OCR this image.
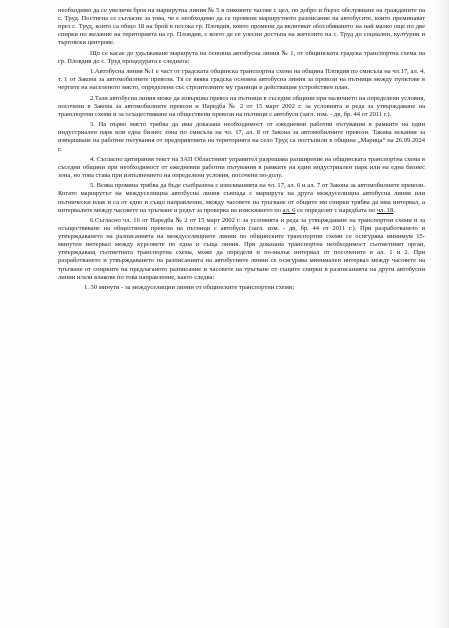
необходимо да се увеличи броя на маршрутна линия № 5 в пиковите часове с цел, по добро и бързо обслужване на гражданите на с. Труд. Постигна се съгласие за това, че е необходимо да се промени маршрутното разписание на автобусите, които преминават през с. Труд, които са общо 18 на брой в посока гр. Пловдив, които промени да включват обособяването на най малко още по две спирки по желание на територията на гр. Пловдив, с което де се улесни достъпа на жителите на с. Труд до социални, културни и търговски центрове.

Що се касае до удължаване маршрута на основна автобусна линия № 1, от общинската градска транспортна схема на гр. Пловдив до с. Труд процедурата е следната:

1.Автобусна линия №1 е част от градската общинска транспортна схема на община Пловдив по смисъла на чл.17, ал. 4, т. 1 от Закона за автомобилните превози. Тя се явява градска основна автобусна линия за превози на пътници между пунктове в чертите на населеното място, определени със строителните му граници в действащия устройствен план.

2.Тази автобусна линия може да извършва превоз на пътници в съседни общини при наличието на определени условия, посочени в Закона за автомобилните превози и Наредба № 2 от 15 март 2002 г. за условията и реда за утвърждаване на транспортни схеми и за осъществяване на обществени превози на пътници с автобуси (загл. изм. - дв, бр. 44 от 2011 г.).

3. На първо място трябва да има доказана необходимост от ежедневни работни пътувания в рамките на един индустриален парк или една бизнес зона по смисъла на чл. 17, ал. 8 от Закона за автомобилните превози. Такива искания за извършване на работни пътувания от предприятията на територията на село Труд са постъпили в община „Марица“ на 26.09.2024 г.

4. Съгласно цитирания текст на ЗАП Областният управител разрешава разширение на общинската транспортна схема в съседни общини при необходимост от ежедневни работни пътувания в рамките на един индустриален парк или на една бизнес зона, но това става при изпълнението на определени условия, посочени по-долу.

5. Всяка промяна трябва да бъде съобразена с изискванията на чл. 17, ал. 6 и ал. 7 от Закона за автомобилните превози. Когато маршрутът на междуселищна автобусна линия съвпада с маршрута на друга междуселищна автобусна линия или пътнически влак и са от едно и също направление, между часовете на тръгване от общите им спирки трябва да има интервал, а интервалите между часовете на тръгване и редът за проверка на изискването по ал. 6 се определят с наредбата по чл. 18.

6.Съгласно чл. 16 от Наредба № 2 от 15 март 2002 г. за условията и реда за утвърждаване на транспортни схеми и за осъществяване на обществени превози на пътници с автобуси (загл. изм. - дв, бр. 44 от 2011 г.). При разработването и утвърждаването на разписанията на междуселищните линии по общинските транспортни схеми се осигурява минимум 15-минутен интервал между курсовете по една и съща линия. При доказана транспортна необходимост съответният орган, утвърждаващ съответната транспортна схема, може да определя и по-малък интервал от посочените в ал. 1 и 2. При разработването и утвърждаването на разписанията на автобусните линии се осигурява минимален интервал между часовете на тръгване от спирките на предлаганото разписание и часовете на тръгване от същите спирки в разписанията на други автобусни линии и/или влакове по това направление, както следва:

1. 30 минути - за междуселищни линии от общинските транспортни схеми;
